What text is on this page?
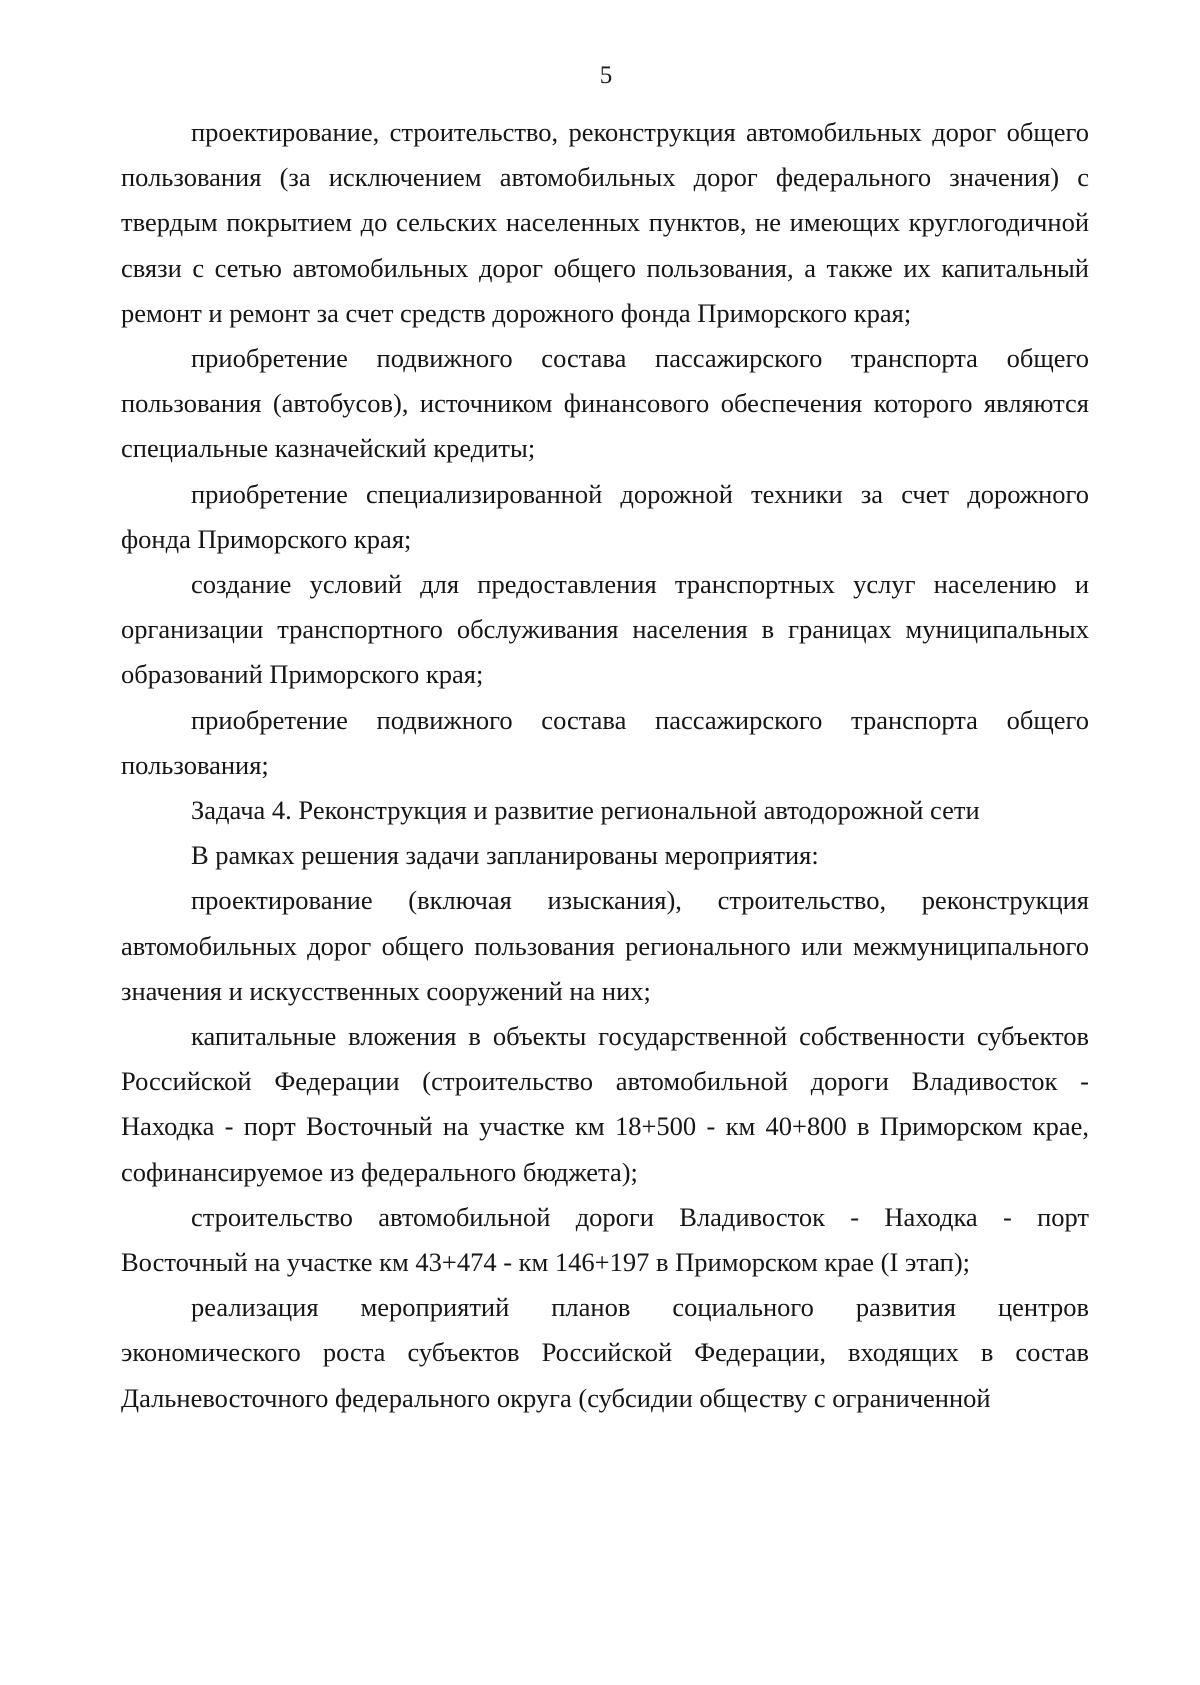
5

проектирование, строительство, реконструкция автомобильных дорог общего пользования (за исключением автомобильных дорог федерального значения) с твердым покрытием до сельских населенных пунктов, не имеющих круглогодичной связи с сетью автомобильных дорог общего пользования, а также их капитальный ремонт и ремонт за счет средств дорожного фонда Приморского края;

приобретение подвижного состава пассажирского транспорта общего пользования (автобусов), источником финансового обеспечения которого являются специальные казначейский кредиты;

приобретение специализированной дорожной техники за счет дорожного фонда Приморского края;

создание условий для предоставления транспортных услуг населению и организации транспортного обслуживания населения в границах муниципальных образований Приморского края;

приобретение подвижного состава пассажирского транспорта общего пользования;

Задача 4. Реконструкция и развитие региональной автодорожной сети

В рамках решения задачи запланированы мероприятия:

проектирование (включая изыскания), строительство, реконструкция автомобильных дорог общего пользования регионального или межмуниципального значения и искусственных сооружений на них;

капитальные вложения в объекты государственной собственности субъектов Российской Федерации (строительство автомобильной дороги Владивосток - Находка - порт Восточный на участке км 18+500 - км 40+800 в Приморском крае, софинансируемое из федерального бюджета);

строительство автомобильной дороги Владивосток - Находка - порт Восточный на участке км 43+474 - км 146+197 в Приморском крае (I этап);

реализация мероприятий планов социального развития центров экономического роста субъектов Российской Федерации, входящих в состав Дальневосточного федерального округа (субсидии обществу с ограниченной
